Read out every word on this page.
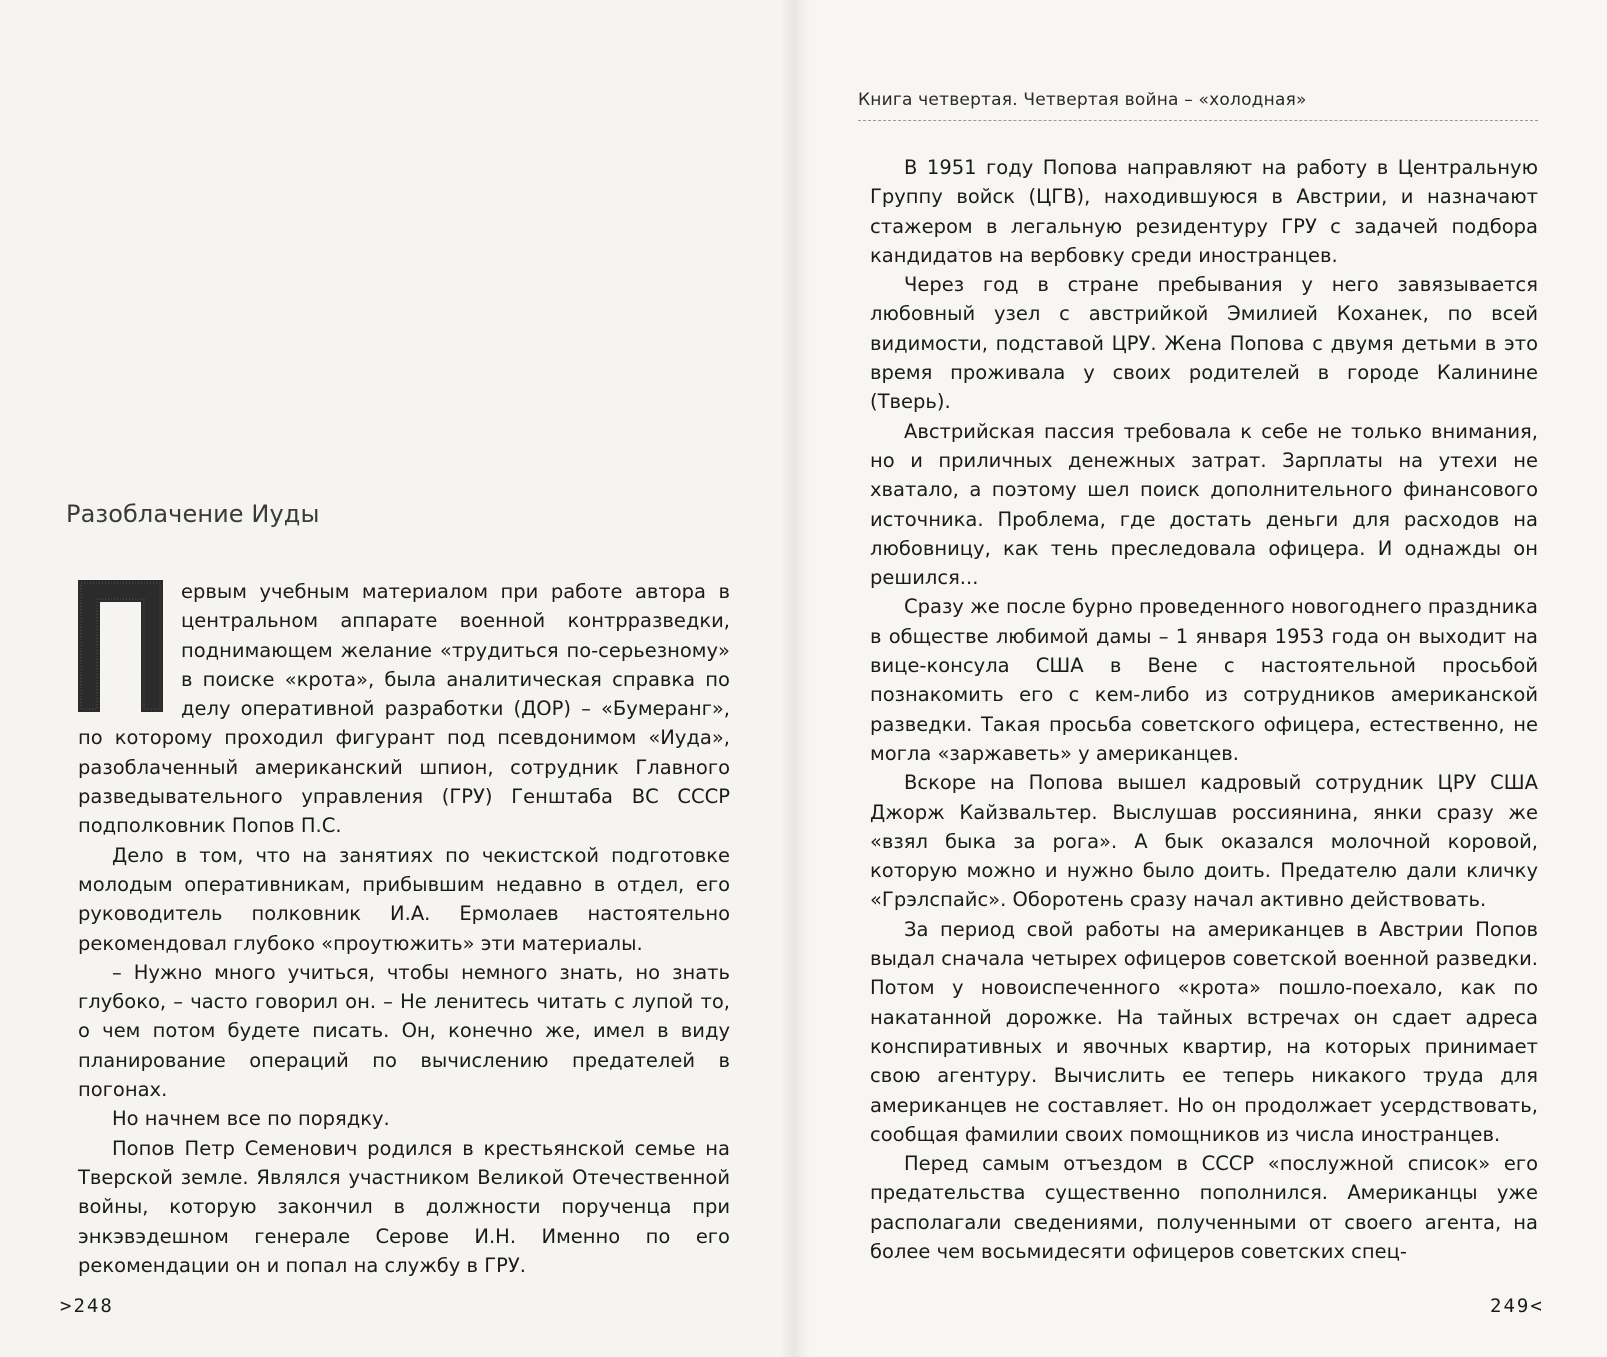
Книга четвертая. Четвертая война – «холодная»
Разоблачение Иуды

ервым учебным материалом при работе автора в центральном аппарате военной контрразведки, поднимающем желание «трудиться по-серьезному» в поиске «крота», была аналитическая справка по делу оперативной разработки (ДОР) – «Бумеранг», по которому проходил фигурант под псевдонимом «Иуда», разоблаченный американский шпион, сотрудник Главного разведывательного управления (ГРУ) Генштаба ВС СССР подполковник Попов П.С.

Дело в том, что на занятиях по чекистской подготовке молодым оперативникам, прибывшим недавно в отдел, его руководитель полковник И.А. Ермолаев настоятельно рекомендовал глубоко «проутюжить» эти материалы.

– Нужно много учиться, чтобы немного знать, но знать глубоко, – часто говорил он. – Не ленитесь читать с лупой то, о чем потом будете писать. Он, конечно же, имел в виду планирование операций по вычислению предателей в погонах.

Но начнем все по порядку.

Попов Петр Семенович родился в крестьянской семье на Тверской земле. Являлся участником Великой Отечественной войны, которую закончил в должности порученца при энкэвэдешном генерале Серове И.Н. Именно по его рекомендации он и попал на службу в ГРУ.

В 1951 году Попова направляют на работу в Центральную Группу войск (ЦГВ), находившуюся в Австрии, и назначают стажером в легальную резидентуру ГРУ с задачей подбора кандидатов на вербовку среди иностранцев.

Через год в стране пребывания у него завязывается любовный узел с австрийкой Эмилией Коханек, по всей видимости, подставой ЦРУ. Жена Попова с двумя детьми в это время проживала у своих родителей в городе Калинине (Тверь).

Австрийская пассия требовала к себе не только внимания, но и приличных денежных затрат. Зарплаты на утехи не хватало, а поэтому шел поиск дополнительного финансового источника. Проблема, где достать деньги для расходов на любовницу, как тень преследовала офицера. И однажды он решился...

Сразу же после бурно проведенного новогоднего праздника в обществе любимой дамы – 1 января 1953 года он выходит на вице-консула США в Вене с настоятельной просьбой познакомить его с кем-либо из сотрудников американской разведки. Такая просьба советского офицера, естественно, не могла «заржаветь» у американцев.

Вскоре на Попова вышел кадровый сотрудник ЦРУ США Джорж Кайзвальтер. Выслушав россиянина, янки сразу же «взял быка за рога». А бык оказался молочной коровой, которую можно и нужно было доить. Предателю дали кличку «Грэлспайс». Оборотень сразу начал активно действовать.

За период свой работы на американцев в Австрии Попов выдал сначала четырех офицеров советской военной разведки. Потом у новоиспеченного «крота» пошло-поехало, как по накатанной дорожке. На тайных встречах он сдает адреса конспиративных и явочных квартир, на которых принимает свою агентуру. Вычислить ее теперь никакого труда для американцев не составляет. Но он продолжает усердствовать, сообщая фамилии своих помощников из числа иностранцев.

Перед самым отъездом в СССР «послужной список» его предательства существенно пополнился. Американцы уже располагали сведениями, полученными от своего агента, на более чем восьмидесяти офицеров советских спец-

>248	249<
